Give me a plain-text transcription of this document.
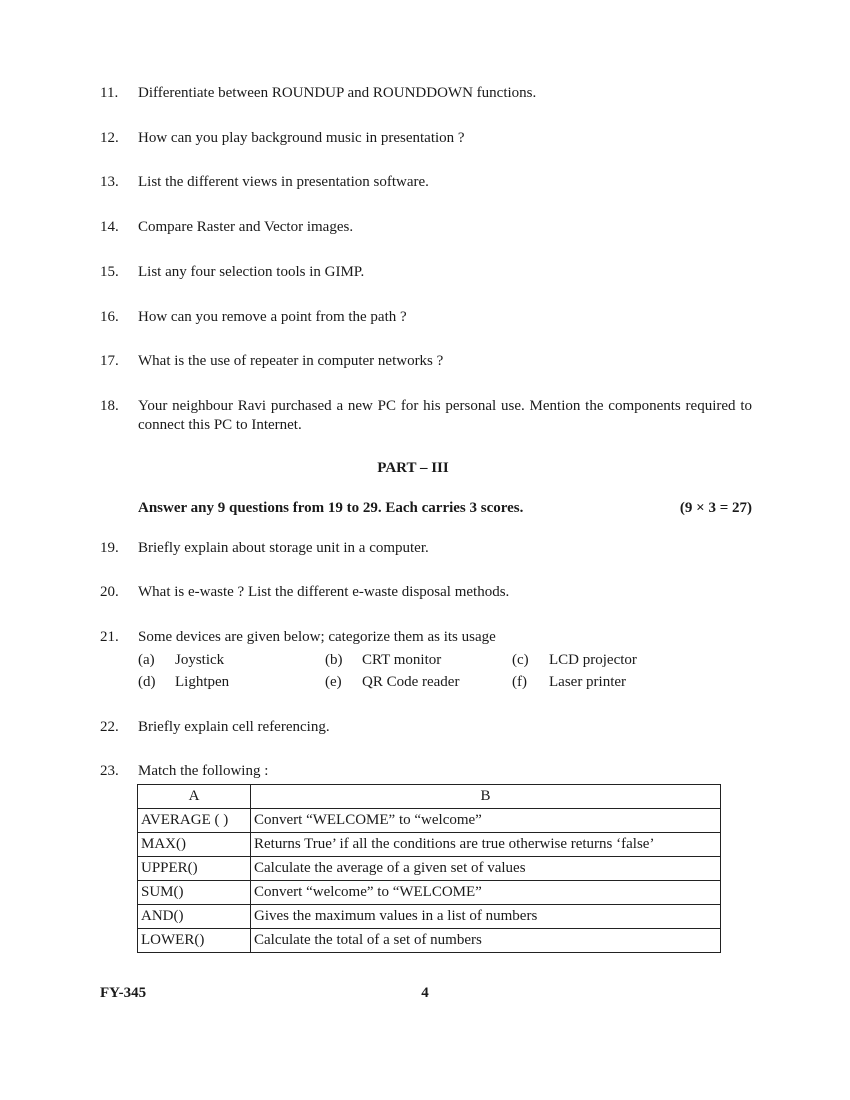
11.	Differentiate between ROUNDUP and ROUNDDOWN functions.
12.	How can you play background music in presentation ?
13.	List the different views in presentation software.
14.	Compare Raster and Vector images.
15.	List any four selection tools in GIMP.
16.	How can you remove a point from the path ?
17.	What is the use of repeater in computer networks ?
18.	Your neighbour Ravi purchased a new PC for his personal use. Mention the components required to connect this PC to Internet.
PART – III
Answer any 9 questions from 19 to 29. Each carries 3 scores.	(9 × 3 = 27)
19.	Briefly explain about storage unit in a computer.
20.	What is e-waste ? List the different e-waste disposal methods.
21.	Some devices are given below; categorize them as its usage
(a) Joystick	(b) CRT monitor	(c) LCD projector
(d) Lightpen	(e) QR Code reader	(f) Laser printer
22.	Briefly explain cell referencing.
23.	Match the following :
A	B
AVERAGE ( )	Convert “WELCOME” to “welcome”
MAX()	Returns True’ if all the conditions are true otherwise returns ‘false’
UPPER()	Calculate the average of a given set of values
SUM()	Convert “welcome” to “WELCOME”
AND()	Gives the maximum values in a list of numbers
LOWER()	Calculate the total of a set of numbers
FY-345	4
